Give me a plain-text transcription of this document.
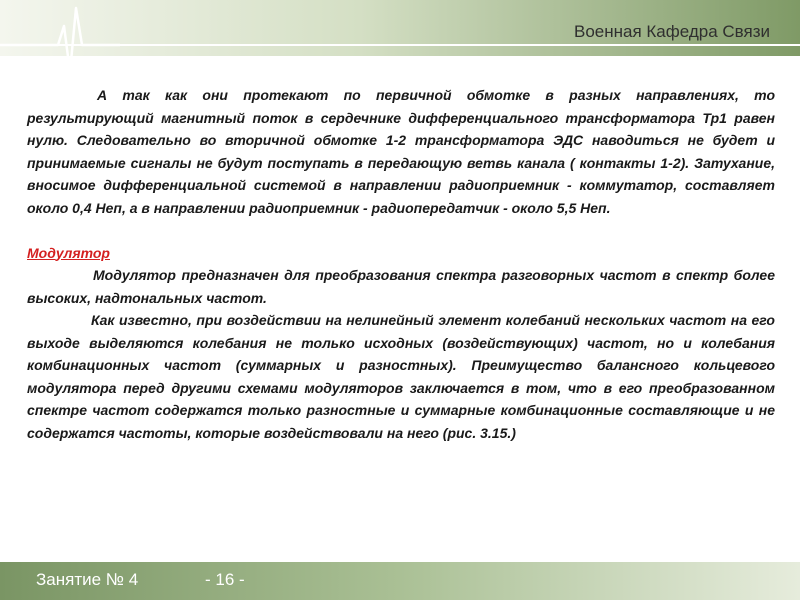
Военная Кафедра Связи

А так как они протекают по первичной обмотке в разных направлениях, то результирующий магнитный поток в сердечнике дифференциального трансформатора Тр1 равен нулю. Следовательно во вторичной обмотке 1-2 трансформатора ЭДС наводиться не будет и принимаемые сигналы не будут поступать в передающую ветвь канала ( контакты 1-2). Затухание, вносимое дифференциальной системой в направлении радиоприемник - коммутатор, составляет около 0,4 Неп, а в направлении радиоприемник - радиопередатчик - около 5,5 Неп.

Модулятор

Модулятор предназначен для преобразования спектра разговорных частот в спектр более высоких, надтональных частот.

Как известно, при воздействии на нелинейный элемент колебаний нескольких частот на его выходе выделяются колебания не только исходных (воздействующих) частот, но и колебания комбинационных частот (суммарных и разностных). Преимущество балансного кольцевого модулятора перед другими схемами модуляторов заключается в том, что в его преобразованном спектре частот содержатся только разностные и суммарные комбинационные составляющие и не содержатся частоты, которые воздействовали на него (рис. 3.15.)

Занятие № 4	- 16 -
